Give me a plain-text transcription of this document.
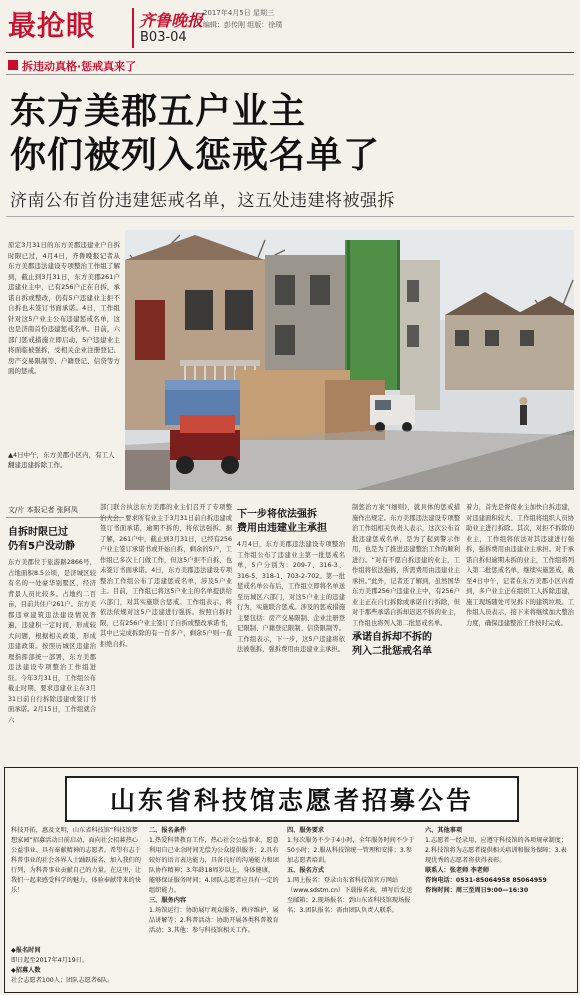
最抢眼	齐鲁晚报 2017年4月5日 星期三
编辑：彭传刚 组版：徐璞
B03-04
拆违动真格·惩戒真来了
东方美郡五户业主
你们被列入惩戒名单了
济南公布首份违建惩戒名单，这五处违建将被强拆
原定3月31日的东方美郡违建业户自拆时限已过，4月4日，齐鲁晚报记者从东方美郡违法建设专项整治工作组了解到，截止到3月31日，东方美郡261户违建业主中，已有256户正在自拆，承诺自拆或整改，仍有5户违建业主拒不自拆也未签订书面承诺。4日，工作组针对这5户业主公布违建惩戒名单，这也是济南首份违建惩戒名单。目前，六部门惩戒措施立即启动，5户违建业主将面临被强拆，受相关企业注册登记、房产交易限制等、户籍登记、信贷等方面的惩戒。
▲4日中午，东方美郡小区内，有工人翻建违建拆除工作。
文/片 本报记者 张阿凤
自拆时限已过
仍有5户没动静
东方美郡位于旅游路2866号，占地面积8.5公顷，是济城区较有名的一处豪华别墅区，经济背景人员比较多。占地约二百亩，目前共住户261户。东方美郡违章建筑违法建设情况普遍，违建积一定时间，形成较大问题，根据相关政策，形成违建政策。按照历城区违建治理指挥部统一部署，东方美郡违法建设专项整治工作组进驻。今年3月31日，工作组公布截止时期，要求违建业主在3月31日前自行拆除违建或签订书面承诺。2月15日，工作组就合六
部门联合执法东方美郡的业主们召开了专项整治大会，要求所有业主于3月31日前自拆违建或签订书面承诺，逾期不拆的，将依法强拆。据了解，261户中，截止到3月31日，已经有256户业主签订承诺书或开始自拆，剩余的5户，工作组已多次上门做工作，但这5户拒不自拆、也未签订书面承诺。4日，东方美郡违法建设专项整治工作组公布了违建惩戒名单，涉及5户业主。目前，工作组已将这5户业主的名单提供给六部门，对其实施联合惩戒。工作组表示，将依法依规对这5户违建进行强拆。按照自拆时限，已有256户业主签订了自拆或整改承诺书，其中已完成拆除的有一百多户，剩余5户则一直拒绝自拆。
下一步将依法强拆
费用由违建业主承担
4月4日，东方美郡违法建设专项整治工作组公布了违建业主第一批惩戒名单，5户分别为：209-7、316-3、316-5、318-1、703-2-702。第一批惩戒名单公布后，工作组立即将名单送至历城区六部门，对这5户业主的违建行为，实施联合惩戒。涉及的惩戒措施主要包括：房产交易限制、企业注册登记限制、户籍登记限制、信贷限制等。工作组表示，下一步，这5户违建将依法被强拆，强拆费用由违建业主承担。
制惩治方案”(细则)，就具体的惩戒措施作出规定。东方美郡违法建设专项整治工作组相关负责人表示，这次公布首批违建惩戒名单，是为了起到警示作用，也是为了推进违建整治工作的顺利进行。“对有不愿自拆违建的业主，工作组将依法强拆，所需费用由违建业主承担。”此外，记者还了解到，虽然国华东方美郡256户违建业主中，有256户业主正在自行拆除或承诺自行拆除，但对于那些承诺自拆却迟迟不拆的业主，工作组也将列入第二批惩戒名单。
承诺自拆却不拆的
列入二批惩戒名单
着力，首先是督促业主加快自拆违建，对违建面积较大、工作组将组织人员协助业主进行拆除。其次，对拒不拆除的业主，工作组将依法对其违建进行强拆，强拆费用由违建业主承担。对于承诺自拆但逾期未拆的业主，工作组将列入第二批惩戒名单，继续实施惩戒。截至4日中午，记者在东方美郡小区内看到，多户业主正在组织工人拆除违建，施工现场随处可见拆下的建筑垃圾。工作组人员表示，接下来将继续加大整治力度，确保违建整治工作按时完成。
山东省科技馆志愿者招募公告
科技开拓，惠及文明，山东省科技馆“科技馆梦想家园”招募活动日前启动，面向社会招募热心公益事业、具有奉献精神的志愿者。希望有志于科普事业的社会各界人士踊跃报名，加入我们的行列，为科普事业贡献自己的力量。在这里，让我们一起来感受科学的魅力，体验奉献带来的快乐！
◆报名时间
即日起至2017年4月19日。
◆招募人数
社会志愿者100人；团队志愿者6队。
二、报名条件
1.热爱科普教育工作，热心社会公益事业，愿意利用自己业余时间无偿为公众提供服务；2.具有较好的语言表达能力，具备良好的沟通能力和团队协作精神；3.年龄18周岁以上，身体健康，能够保证服务时间；4.团队志愿者应具有一定的组织能力。
三、服务内容
1.场馆运行：协助展厅观众服务、秩序维护、展品讲解等；2.科普活动：协助开展各类科普教育活动；3.其他：参与科技馆相关工作。
四、服务要求
1.每次服务不少于4小时，全年服务时间不少于50小时；2.服从科技馆统一管理和安排；3.参加志愿者培训。
五、报名方式
1.网上报名：登录山东省科技馆官方网站（www.sdstm.cn）下载报名表，填写后发送至邮箱；2.现场报名：到山东省科技馆现场报名；3.团队报名：需由团队负责人联系。
六、其他事项
1.志愿者一经录用，应遵守科技馆的各项规章制度；2.科技馆将为志愿者提供相关培训和服务保障；3.表现优秀的志愿者将获得表彰。
联系人：张老师 李老师
咨询电话：0531-85064958 85064959
咨询时间：周三至周日9:00—16:30
